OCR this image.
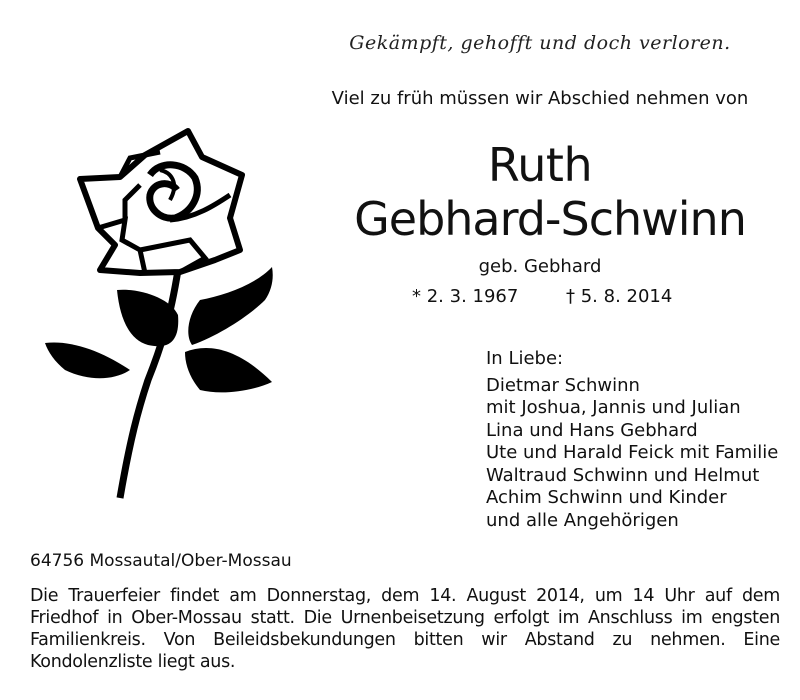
Gekämpft, gehofft und doch verloren.
Viel zu früh müssen wir Abschied nehmen von
Ruth
Gebhard-Schwinn
geb. Gebhard
* 2. 3. 1967	† 5. 8. 2014
In Liebe:
Dietmar Schwinn
mit Joshua, Jannis und Julian
Lina und Hans Gebhard
Ute und Harald Feick mit Familie
Waltraud Schwinn und Helmut
Achim Schwinn und Kinder
und alle Angehörigen
64756 Mossautal/Ober-Mossau
Die Trauerfeier findet am Donnerstag, dem 14. August 2014, um 14 Uhr auf dem Friedhof in Ober-Mossau statt. Die Urnenbeisetzung erfolgt im Anschluss im engsten Familienkreis. Von Beileidsbekundungen bitten wir Abstand zu nehmen. Eine Kondolenzliste liegt aus.
